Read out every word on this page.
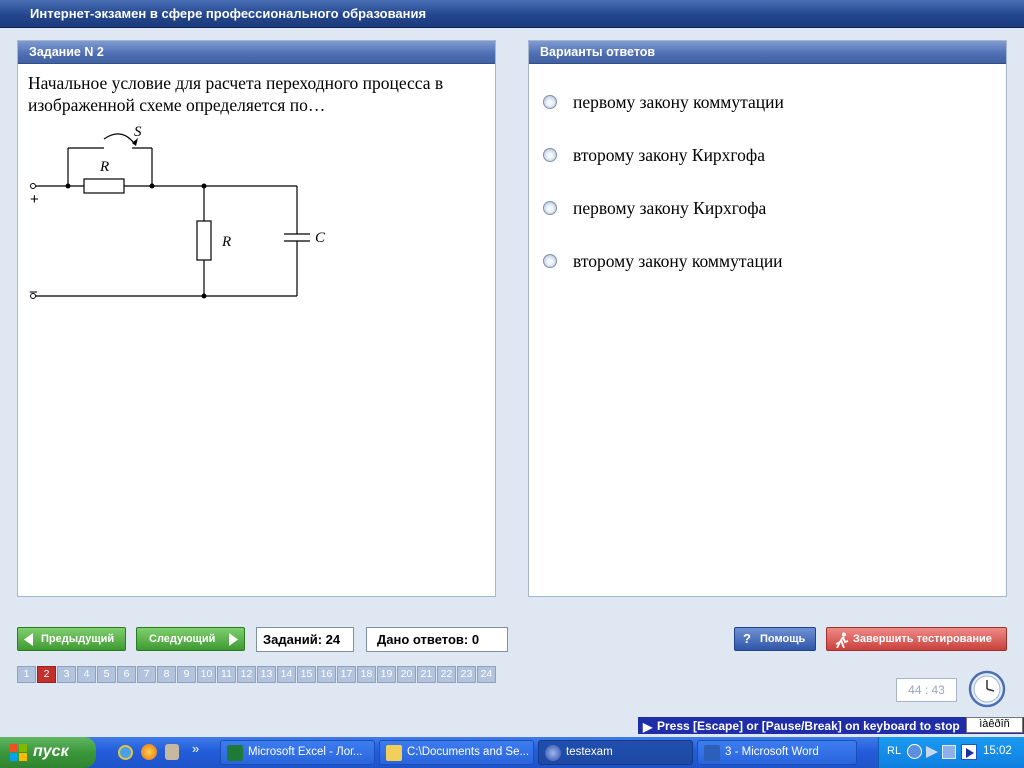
Интернет-экзамен в сфере профессионального образования
Задание N 2
Начальное условие для расчета переходного процесса в изображенной схеме определяется по…
S
R
R	C
+
−
Варианты ответов
первому закону коммутации
второму закону Кирхгофа
первому закону Кирхгофа
второму закону коммутации
Предыдущий	Следующий	Заданий: 24	Дано ответов: 0	? Помощь	Завершить тестирование
1	2	3	4	5	6	7	8	9	10 11 12 13 14 15 16 17 18 19 20 21 22 23 24
44 : 43
▶ Press [Escape] or [Pause/Break] on keyboard to stop	ìàêðîñ
пуск	»	Microsoft Excel - Лог...	C:\Documents and Se...	testexam	3 - Microsoft Word	RL	15:02
